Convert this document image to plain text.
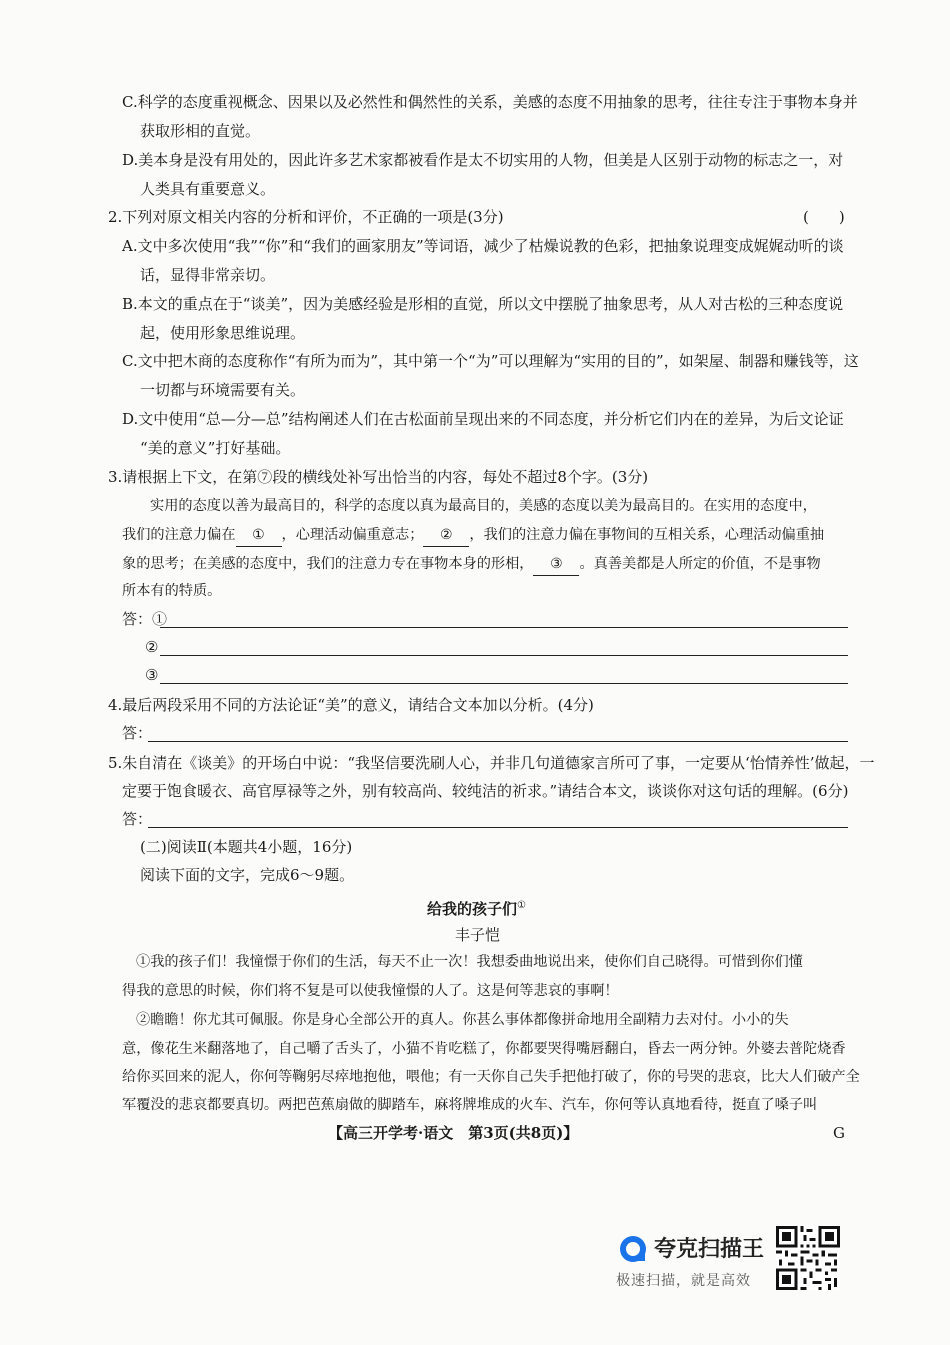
C.科学的态度重视概念、因果以及必然性和偶然性的关系，美感的态度不用抽象的思考，往往专注于事物本身并
获取形相的直觉。
D.美本身是没有用处的，因此许多艺术家都被看作是太不切实用的人物，但美是人区别于动物的标志之一，对
人类具有重要意义。
2.下列对原文相关内容的分析和评价，不正确的一项是(3分)	(　　)
A.文中多次使用“我”“你”和“我们的画家朋友”等词语，减少了枯燥说教的色彩，把抽象说理变成娓娓动听的谈
话，显得非常亲切。
B.本文的重点在于“谈美”，因为美感经验是形相的直觉，所以文中摆脱了抽象思考，从人对古松的三种态度说
起，使用形象思维说理。
C.文中把木商的态度称作“有所为而为”，其中第一个“为”可以理解为“实用的目的”，如架屋、制器和赚钱等，这
一切都与环境需要有关。
D.文中使用“总—分—总”结构阐述人们在古松面前呈现出来的不同态度，并分析它们内在的差异，为后文论证
“美的意义”打好基础。
3.请根据上下文，在第⑦段的横线处补写出恰当的内容，每处不超过8个字。(3分)
实用的态度以善为最高目的，科学的态度以真为最高目的，美感的态度以美为最高目的。在实用的态度中，
我们的注意力偏在 ① ，心理活动偏重意志； ② ，我们的注意力偏在事物间的互相关系，心理活动偏重抽
象的思考；在美感的态度中，我们的注意力专在事物本身的形相， ③ 。真善美都是人所定的价值，不是事物
所本有的特质。
答：①
②
③
4.最后两段采用不同的方法论证“美”的意义，请结合文本加以分析。(4分)
答：
5.朱自清在《谈美》的开场白中说：“我坚信要洗刷人心，并非几句道德家言所可了事，一定要从‘怡情养性’做起，一
定要于饱食暖衣、高官厚禄等之外，别有较高尚、较纯洁的祈求。”请结合本文，谈谈你对这句话的理解。(6分)
答：
(二)阅读Ⅱ(本题共4小题，16分)
阅读下面的文字，完成6～9题。
给我的孩子们①
丰子恺
①我的孩子们！我憧憬于你们的生活，每天不止一次！我想委曲地说出来，使你们自己晓得。可惜到你们懂
得我的意思的时候，你们将不复是可以使我憧憬的人了。这是何等悲哀的事啊！
②瞻瞻！你尤其可佩服。你是身心全部公开的真人。你甚么事体都像拼命地用全副精力去对付。小小的失
意，像花生米翻落地了，自己嚼了舌头了，小猫不肯吃糕了，你都要哭得嘴唇翻白，昏去一两分钟。外婆去普陀烧香
给你买回来的泥人，你何等鞠躬尽瘁地抱他，喂他；有一天你自己失手把他打破了，你的号哭的悲哀，比大人们破产全
军覆没的悲哀都要真切。两把芭蕉扇做的脚踏车，麻将牌堆成的火车、汽车，你何等认真地看待，挺直了嗓子叫
【高三开学考·语文　第3页(共8页)】	G
夸克扫描王
极速扫描，就是高效
